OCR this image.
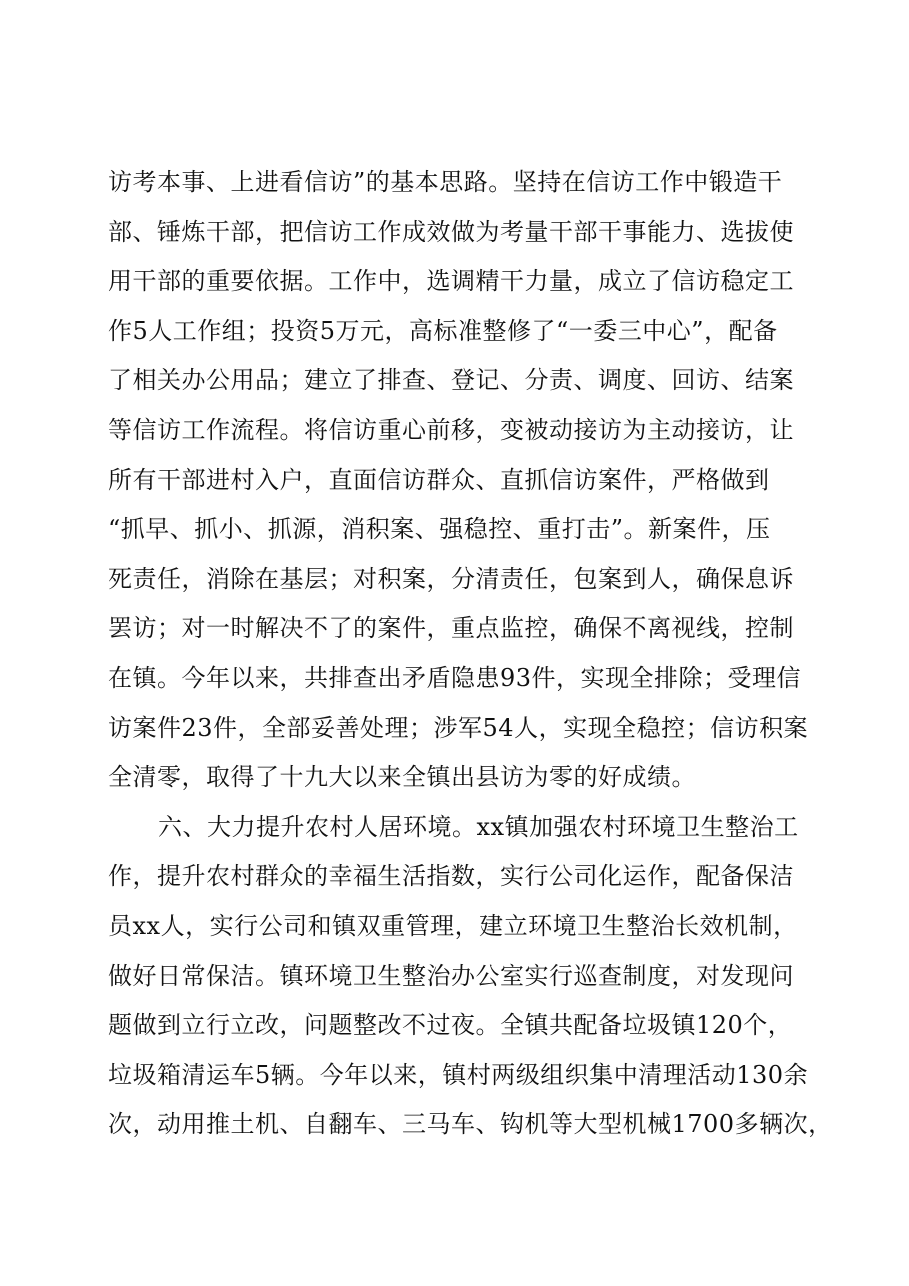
访考本事、上进看信访”的基本思路。坚持在信访工作中锻造干
部、锤炼干部，把信访工作成效做为考量干部干事能力、选拔使
用干部的重要依据。工作中，选调精干力量，成立了信访稳定工
作5人工作组；投资5万元，高标准整修了“一委三中心”，配备
了相关办公用品；建立了排查、登记、分责、调度、回访、结案
等信访工作流程。将信访重心前移，变被动接访为主动接访，让
所有干部进村入户，直面信访群众、直抓信访案件，严格做到
“抓早、抓小、抓源，消积案、强稳控、重打击”。新案件，压
死责任，消除在基层；对积案，分清责任，包案到人，确保息诉
罢访；对一时解决不了的案件，重点监控，确保不离视线，控制
在镇。今年以来，共排查出矛盾隐患93件，实现全排除；受理信
访案件23件，全部妥善处理；涉军54人，实现全稳控；信访积案
全清零，取得了十九大以来全镇出县访为零的好成绩。
六、大力提升农村人居环境。xx镇加强农村环境卫生整治工
作，提升农村群众的幸福生活指数，实行公司化运作，配备保洁
员xx人，实行公司和镇双重管理，建立环境卫生整治长效机制，
做好日常保洁。镇环境卫生整治办公室实行巡查制度，对发现问
题做到立行立改，问题整改不过夜。全镇共配备垃圾镇120个，
垃圾箱清运车5辆。今年以来，镇村两级组织集中清理活动130余
次，动用推土机、自翻车、三马车、钩机等大型机械1700多辆次，
